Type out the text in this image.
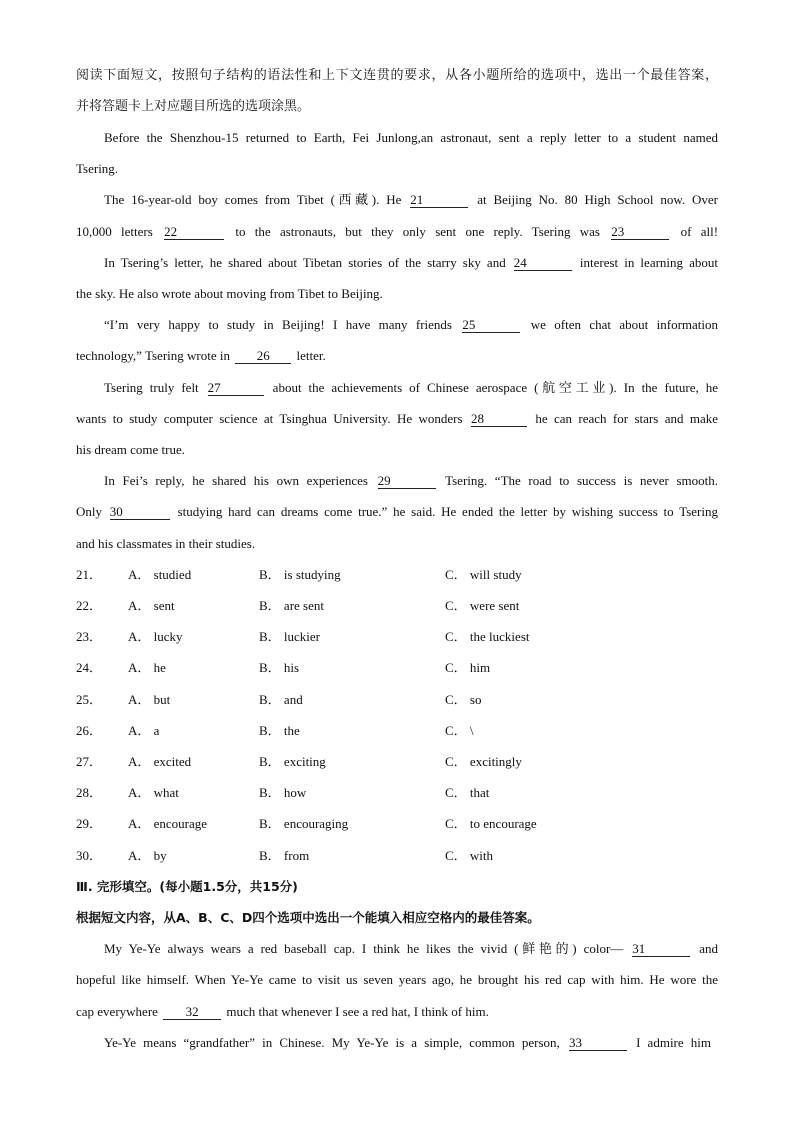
阅读下面短文，按照句子结构的语法性和上下文连贯的要求，从各小题所给的选项中，选出一个最佳答案，
并将答题卡上对应题目所选的选项涂黑。
Before the Shenzhou-15 returned to Earth, Fei Junlong,an astronaut, sent a reply letter to a student named
Tsering.
The 16-year-old boy comes from Tibet (西藏). He 21	at Beijing No. 80 High School now. Over
10,000 letters 22	to the astronauts, but they only sent one reply. Tsering was 23	of all!
In Tsering’s letter, he shared about Tibetan stories of the starry sky and 24	interest in learning about
the sky. He also wrote about moving from Tibet to Beijing.
“I’m very happy to study in Beijing! I have many friends 25	we often chat about information
technology,” Tsering wrote in 26 letter.
Tsering truly felt 27	about the achievements of Chinese aerospace (航空工业). In the future, he
wants to study computer science at Tsinghua University. He wonders 28	he can reach for stars and make
his dream come true.
In Fei’s reply, he shared his own experiences 29	Tsering. “The road to success is never smooth.
Only 30	studying hard can dreams come true.” he said. He ended the letter by wishing success to Tsering
and his classmates in their studies.
21． A． studied	B． is studying	C． will study
22． A． sent	B． are sent	C． were sent
23． A． lucky	B． luckier	C． the luckiest
24． A． he	B． his	C． him
25． A． but	B． and	C． so
26． A． a	B． the	C． \
27． A． excited	B． exciting	C． excitingly
28． A． what	B． how	C． that
29． A． encourage	B． encouraging	C． to encourage
30． A． by	B． from	C． with
Ⅲ. 完形填空。(每小题1.5分，共15分)
根据短文内容，从A、B、C、D四个选项中选出一个能填入相应空格内的最佳答案。
My Ye-Ye always wears a red baseball cap. I think he likes the vivid (鲜艳的) color— 31	and
hopeful like himself. When Ye-Ye came to visit us seven years ago, he brought his red cap with him. He wore the
cap everywhere 32 much that whenever I see a red hat, I think of him.
Ye-Ye means “grandfather” in Chinese. My Ye-Ye is a simple, common person, 33	I admire him
